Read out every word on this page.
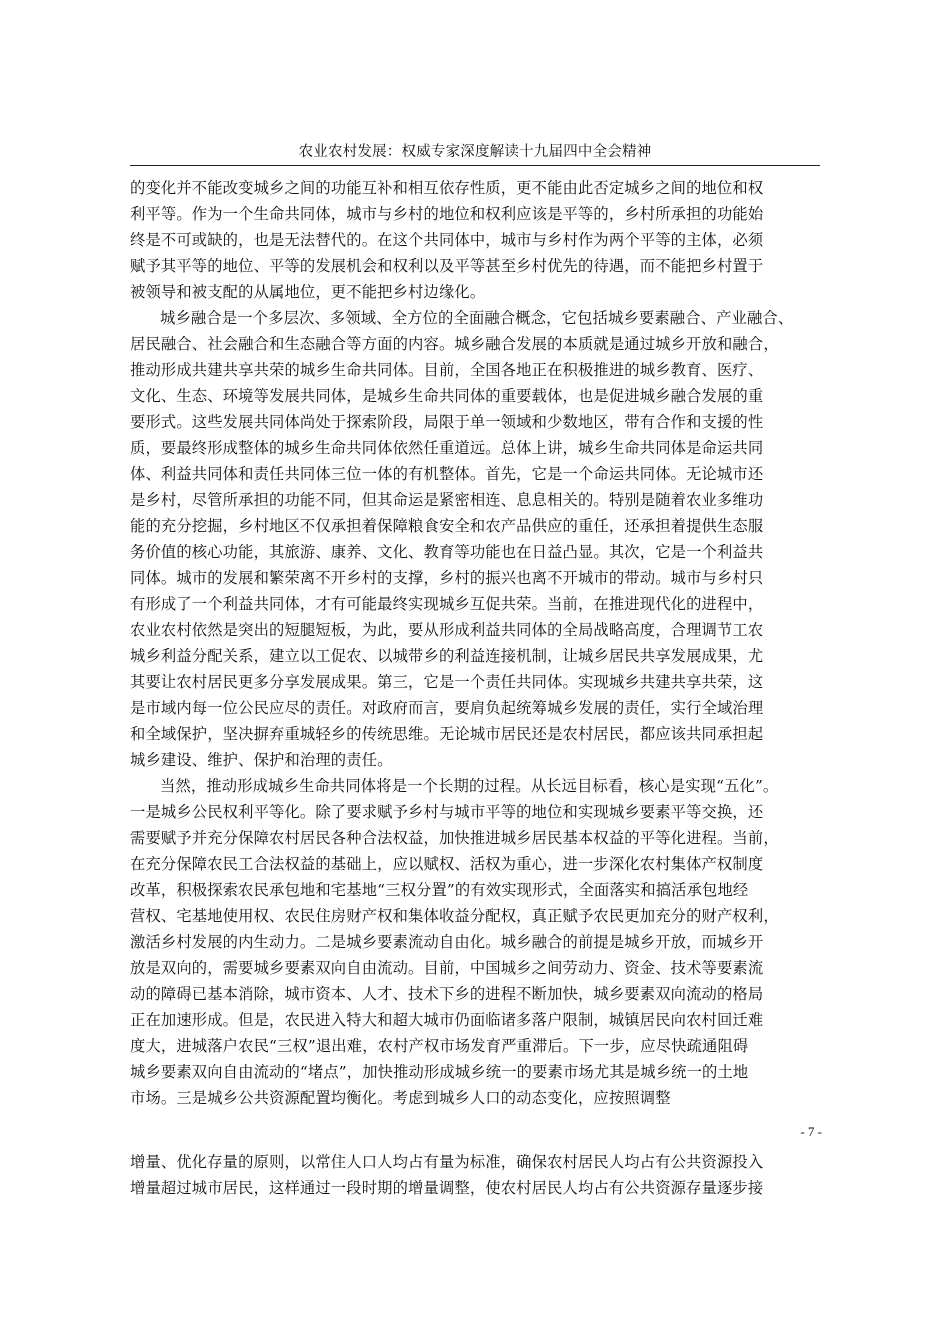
农业农村发展：权威专家深度解读十九届四中全会精神
的变化并不能改变城乡之间的功能互补和相互依存性质，更不能由此否定城乡之间的地位和权
利平等。作为一个生命共同体，城市与乡村的地位和权利应该是平等的，乡村所承担的功能始
终是不可或缺的，也是无法替代的。在这个共同体中，城市与乡村作为两个平等的主体，必须
赋予其平等的地位、平等的发展机会和权利以及平等甚至乡村优先的待遇，而不能把乡村置于
被领导和被支配的从属地位，更不能把乡村边缘化。
城乡融合是一个多层次、多领域、全方位的全面融合概念，它包括城乡要素融合、产业融合、
居民融合、社会融合和生态融合等方面的内容。城乡融合发展的本质就是通过城乡开放和融合，
推动形成共建共享共荣的城乡生命共同体。目前，全国各地正在积极推进的城乡教育、医疗、
文化、生态、环境等发展共同体，是城乡生命共同体的重要载体，也是促进城乡融合发展的重
要形式。这些发展共同体尚处于探索阶段，局限于单一领域和少数地区，带有合作和支援的性
质，要最终形成整体的城乡生命共同体依然任重道远。总体上讲，城乡生命共同体是命运共同
体、利益共同体和责任共同体三位一体的有机整体。首先，它是一个命运共同体。无论城市还
是乡村，尽管所承担的功能不同，但其命运是紧密相连、息息相关的。特别是随着农业多维功
能的充分挖掘，乡村地区不仅承担着保障粮食安全和农产品供应的重任，还承担着提供生态服
务价值的核心功能，其旅游、康养、文化、教育等功能也在日益凸显。其次，它是一个利益共
同体。城市的发展和繁荣离不开乡村的支撑，乡村的振兴也离不开城市的带动。城市与乡村只
有形成了一个利益共同体，才有可能最终实现城乡互促共荣。当前，在推进现代化的进程中，
农业农村依然是突出的短腿短板，为此，要从形成利益共同体的全局战略高度，合理调节工农
城乡利益分配关系，建立以工促农、以城带乡的利益连接机制，让城乡居民共享发展成果，尤
其要让农村居民更多分享发展成果。第三，它是一个责任共同体。实现城乡共建共享共荣，这
是市域内每一位公民应尽的责任。对政府而言，要肩负起统筹城乡发展的责任，实行全域治理
和全域保护，坚决摒弃重城轻乡的传统思维。无论城市居民还是农村居民，都应该共同承担起
城乡建设、维护、保护和治理的责任。
当然，推动形成城乡生命共同体将是一个长期的过程。从长远目标看，核心是实现“五化”。
一是城乡公民权利平等化。除了要求赋予乡村与城市平等的地位和实现城乡要素平等交换，还
需要赋予并充分保障农村居民各种合法权益，加快推进城乡居民基本权益的平等化进程。当前，
在充分保障农民工合法权益的基础上，应以赋权、活权为重心，进一步深化农村集体产权制度
改革，积极探索农民承包地和宅基地“三权分置”的有效实现形式，全面落实和搞活承包地经
营权、宅基地使用权、农民住房财产权和集体收益分配权，真正赋予农民更加充分的财产权利，
激活乡村发展的内生动力。二是城乡要素流动自由化。城乡融合的前提是城乡开放，而城乡开
放是双向的，需要城乡要素双向自由流动。目前，中国城乡之间劳动力、资金、技术等要素流
动的障碍已基本消除，城市资本、人才、技术下乡的进程不断加快，城乡要素双向流动的格局
正在加速形成。但是，农民进入特大和超大城市仍面临诸多落户限制，城镇居民向农村回迁难
度大，进城落户农民“三权”退出难，农村产权市场发育严重滞后。下一步，应尽快疏通阻碍
城乡要素双向自由流动的“堵点”，加快推动形成城乡统一的要素市场尤其是城乡统一的土地
市场。三是城乡公共资源配置均衡化。考虑到城乡人口的动态变化，应按照调整
- 7 -
增量、优化存量的原则，以常住人口人均占有量为标准，确保农村居民人均占有公共资源投入
增量超过城市居民，这样通过一段时期的增量调整，使农村居民人均占有公共资源存量逐步接
